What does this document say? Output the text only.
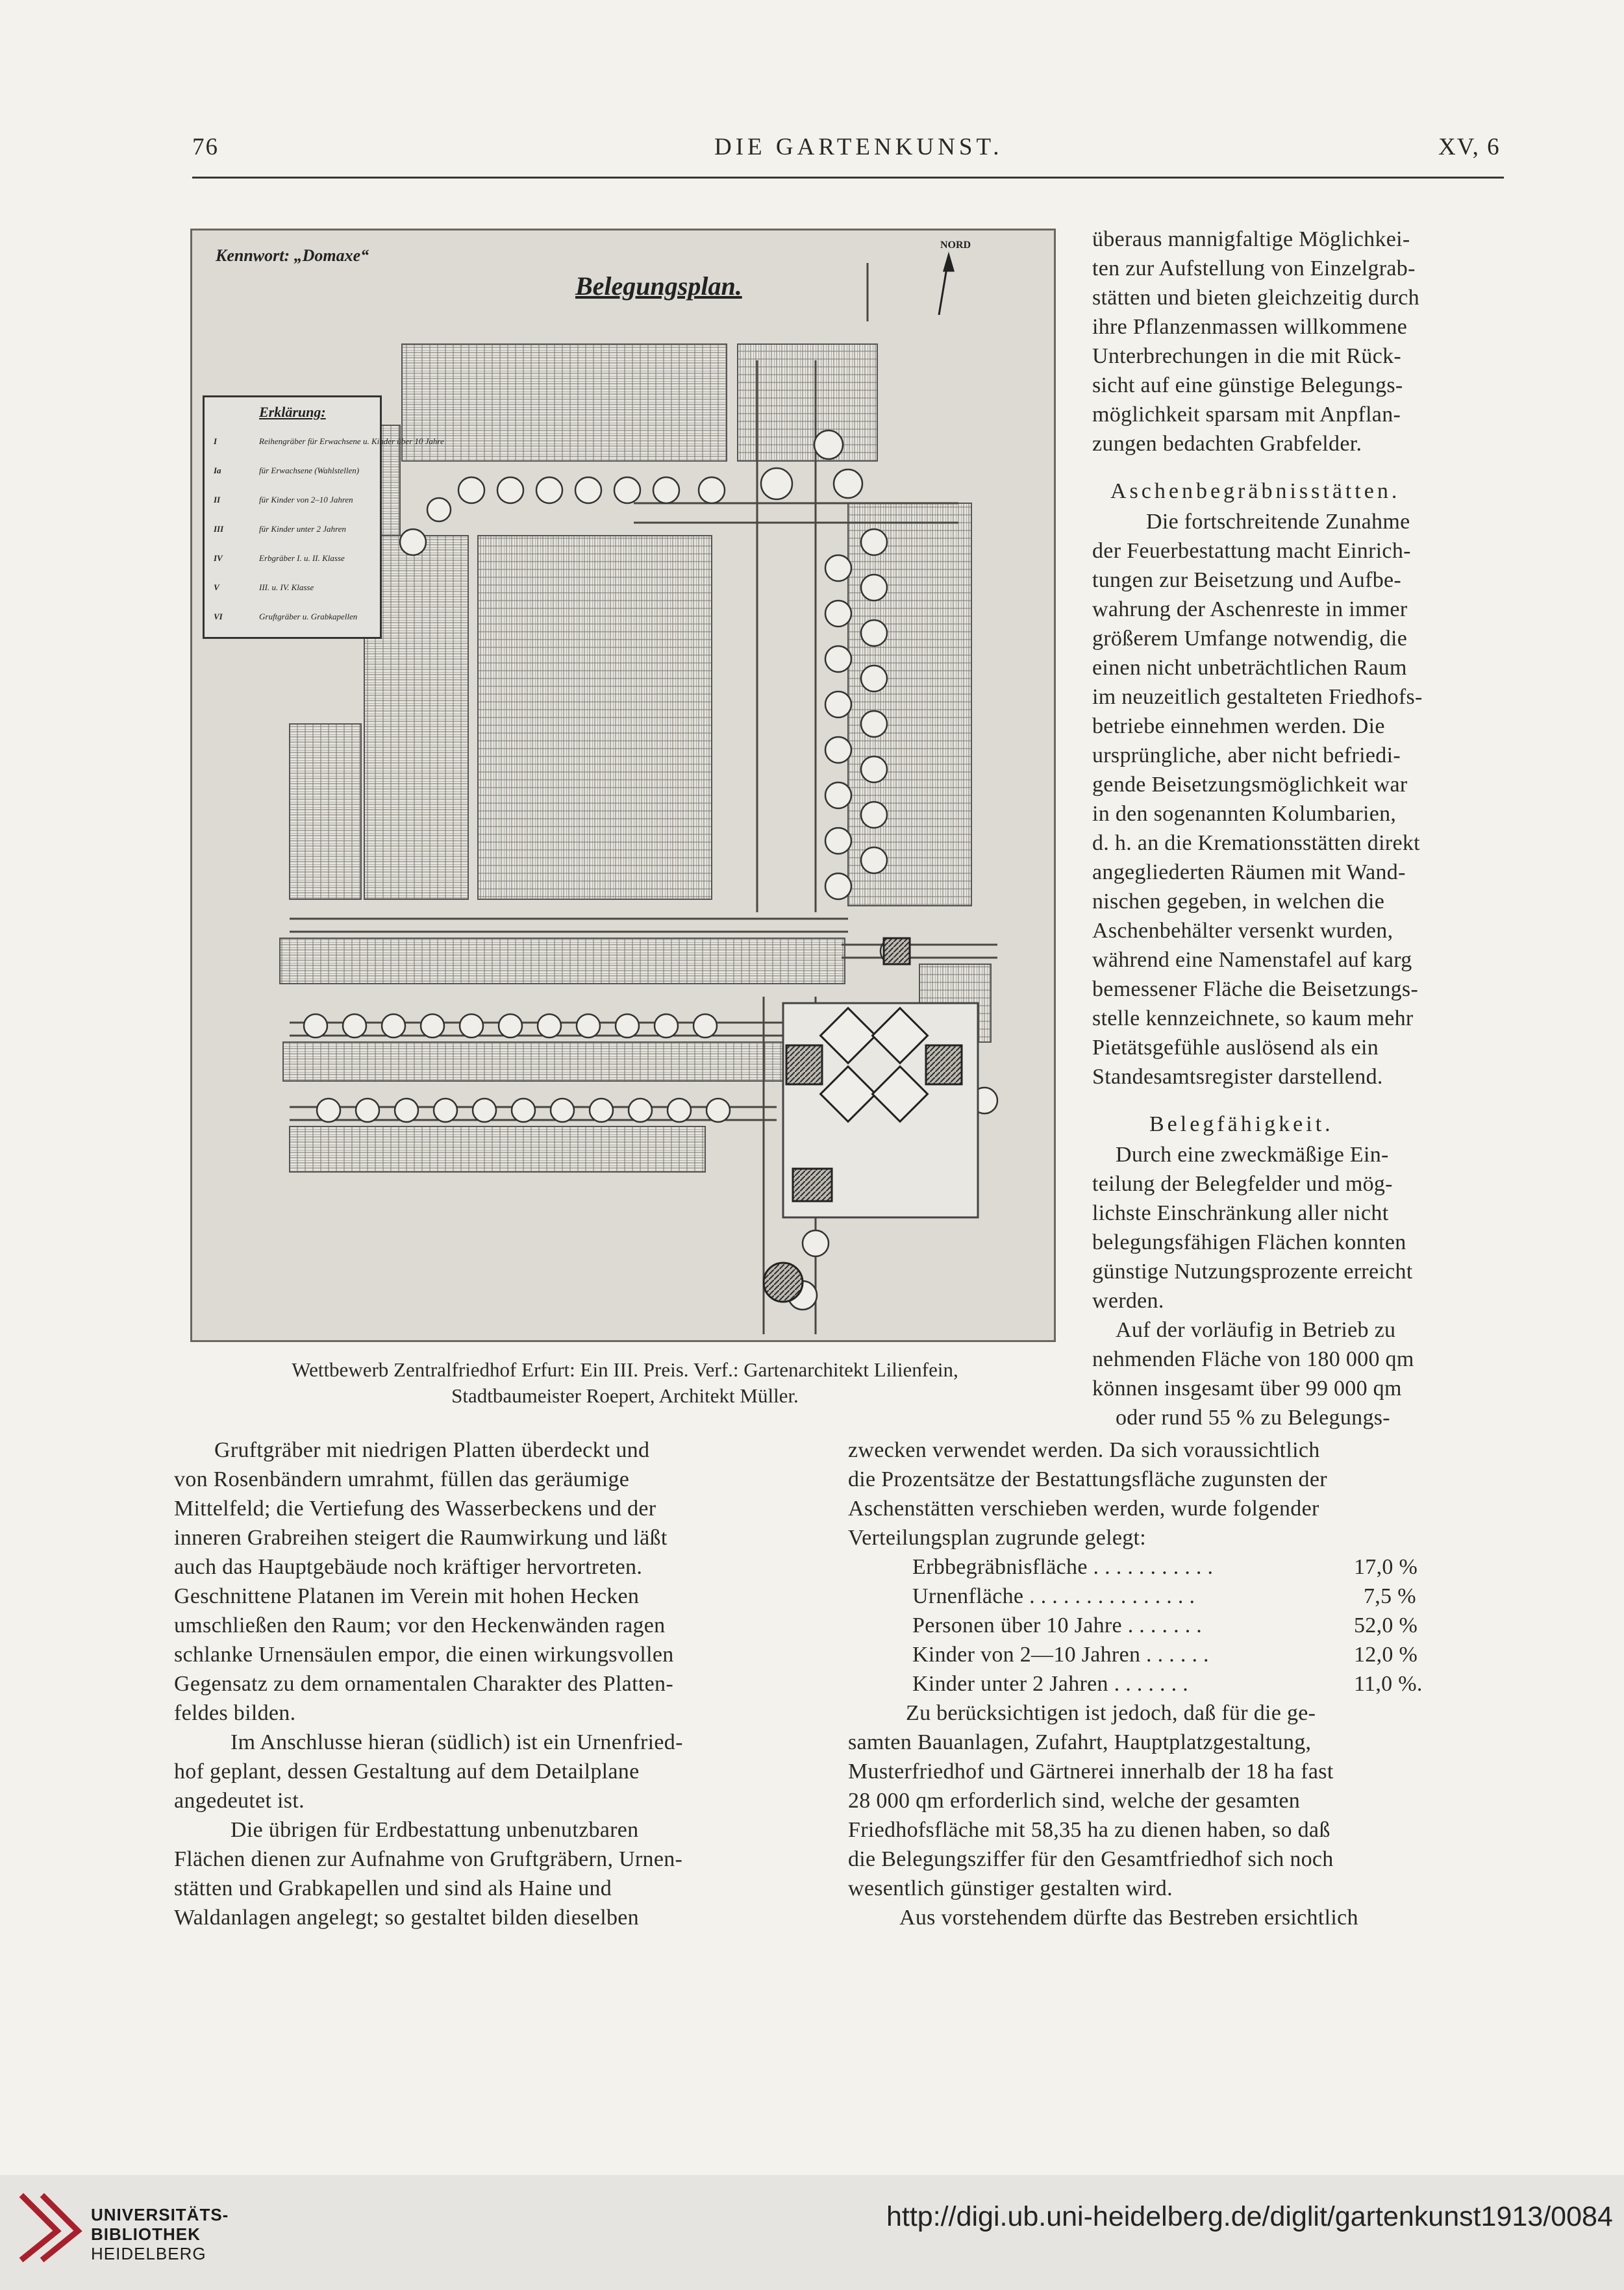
76	DIE GARTENKUNST.	XV, 6
Kennwort: „Domaxe“
Belegungsplan.
NORD
Erklärung:
I	Reihengräber für Erwachsene u. Kinder über 10 Jahre
Ia	für Erwachsene (Wahlstellen)
II	für Kinder von 2–10 Jahren
III	für Kinder unter 2 Jahren
IV	Erbgräber I. u. II. Klasse
V	III. u. IV. Klasse
VI	Gruftgräber u. Grabkapellen
Wettbewerb Zentralfriedhof Erfurt: Ein III. Preis. Verf.: Gartenarchitekt Lilienfein,
Stadtbaumeister Roepert, Architekt Müller.
überaus mannigfaltige Möglichkei-
ten zur Aufstellung von Einzelgrab-
stätten und bieten gleichzeitig durch
ihre Pflanzenmassen willkommene
Unterbrechungen in die mit Rück-
sicht auf eine günstige Belegungs-
möglichkeit sparsam mit Anpflan-
zungen bedachten Grabfelder.
Aschenbegräbnisstätten.
Die fortschreitende Zunahme
der Feuerbestattung macht Einrich-
tungen zur Beisetzung und Aufbe-
wahrung der Aschenreste in immer
größerem Umfange notwendig, die
einen nicht unbeträchtlichen Raum
im neuzeitlich gestalteten Friedhofs-
betriebe einnehmen werden. Die
ursprüngliche, aber nicht befriedi-
gende Beisetzungsmöglichkeit war
in den sogenannten Kolumbarien,
d. h. an die Kremationsstätten direkt
angegliederten Räumen mit Wand-
nischen gegeben, in welchen die
Aschenbehälter versenkt wurden,
während eine Namenstafel auf karg
bemessener Fläche die Beisetzungs-
stelle kennzeichnete, so kaum mehr
Pietätsgefühle auslösend als ein
Standesamtsregister darstellend.
Belegfähigkeit.
Durch eine zweckmäßige Ein-
teilung der Belegfelder und mög-
lichste Einschränkung aller nicht
belegungsfähigen Flächen konnten
günstige Nutzungsprozente erreicht
werden.
Auf der vorläufig in Betrieb zu
nehmenden Fläche von 180 000 qm
können insgesamt über 99 000 qm
oder rund 55 % zu Belegungs-
Gruftgräber mit niedrigen Platten überdeckt und
von Rosenbändern umrahmt, füllen das geräumige
Mittelfeld; die Vertiefung des Wasserbeckens und der
inneren Grabreihen steigert die Raumwirkung und läßt
auch das Hauptgebäude noch kräftiger hervortreten.
Geschnittene Platanen im Verein mit hohen Hecken
umschließen den Raum; vor den Heckenwänden ragen
schlanke Urnensäulen empor, die einen wirkungsvollen
Gegensatz zu dem ornamentalen Charakter des Platten-
feldes bilden.
Im Anschlusse hieran (südlich) ist ein Urnenfried-
hof geplant, dessen Gestaltung auf dem Detailplane
angedeutet ist.
Die übrigen für Erdbestattung unbenutzbaren
Flächen dienen zur Aufnahme von Gruftgräbern, Urnen-
stätten und Grabkapellen und sind als Haine und
Waldanlagen angelegt; so gestaltet bilden dieselben
zwecken verwendet werden. Da sich voraussichtlich
die Prozentsätze der Bestattungsfläche zugunsten der
Aschenstätten verschieben werden, wurde folgender
Verteilungsplan zugrunde gelegt:
Erbbegräbnisfläche . . . . . . . . . . .	17,0 %
Urnenfläche . . . . . . . . . . . . . . .	7,5 %
Personen über 10 Jahre . . . . . . .	52,0 %
Kinder von 2—10 Jahren . . . . . .	12,0 %
Kinder unter 2 Jahren . . . . . . .	11,0 %.
Zu berücksichtigen ist jedoch, daß für die ge-
samten Bauanlagen, Zufahrt, Hauptplatzgestaltung,
Musterfriedhof und Gärtnerei innerhalb der 18 ha fast
28 000 qm erforderlich sind, welche der gesamten
Friedhofsfläche mit 58,35 ha zu dienen haben, so daß
die Belegungsziffer für den Gesamtfriedhof sich noch
wesentlich günstiger gestalten wird.
Aus vorstehendem dürfte das Bestreben ersichtlich
UNIVERSITÄTS-
BIBLIOTHEK
HEIDELBERG
http://digi.ub.uni-heidelberg.de/diglit/gartenkunst1913/0084
